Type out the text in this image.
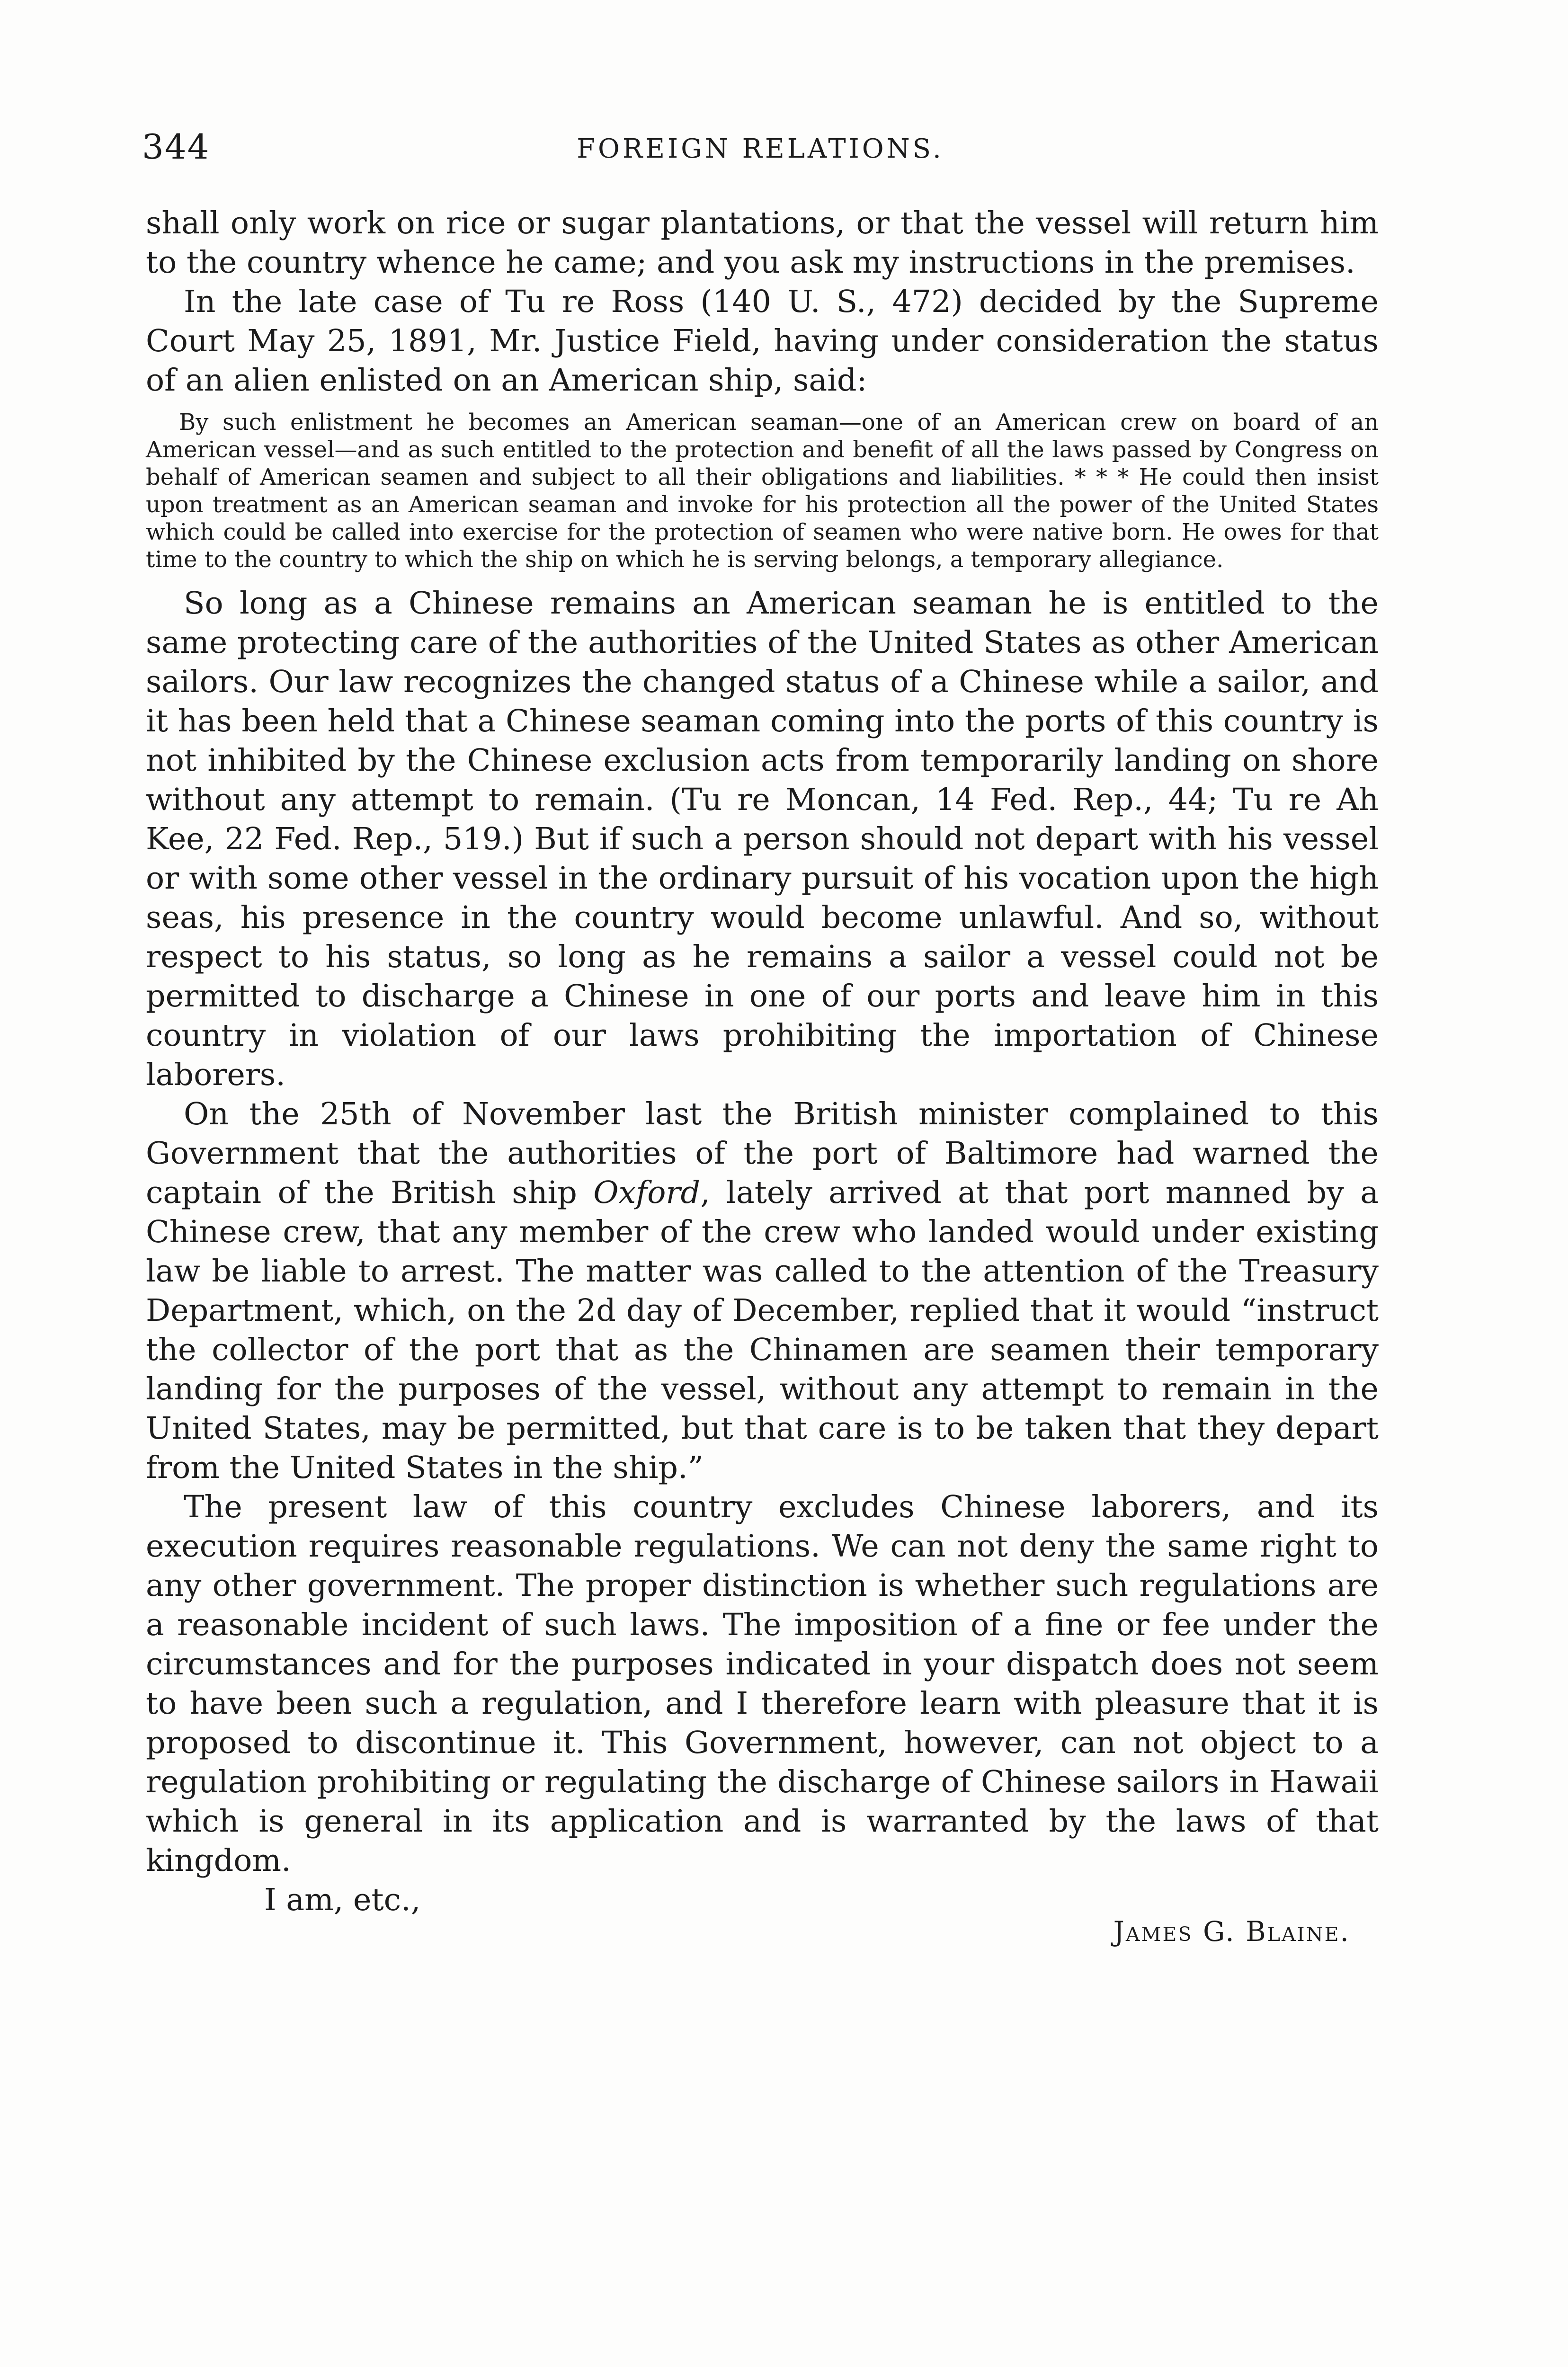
344	FOREIGN RELATIONS.

shall only work on rice or sugar plantations, or that the vessel will return him to the country whence he came; and you ask my instructions in the premises.

In the late case of Tu re Ross (140 U. S., 472) decided by the Supreme Court May 25, 1891, Mr. Justice Field, having under consideration the status of an alien enlisted on an American ship, said:

By such enlistment he becomes an American seaman—one of an American crew on board of an American vessel—and as such entitled to the protection and benefit of all the laws passed by Congress on behalf of American seamen and subject to all their obligations and liabilities. * * * He could then insist upon treatment as an American seaman and invoke for his protection all the power of the United States which could be called into exercise for the protection of seamen who were native born. He owes for that time to the country to which the ship on which he is serving belongs, a temporary allegiance.

So long as a Chinese remains an American seaman he is entitled to the same protecting care of the authorities of the United States as other American sailors. Our law recognizes the changed status of a Chinese while a sailor, and it has been held that a Chinese seaman coming into the ports of this country is not inhibited by the Chinese exclusion acts from temporarily landing on shore without any attempt to remain. (Tu re Moncan, 14 Fed. Rep., 44; Tu re Ah Kee, 22 Fed. Rep., 519.) But if such a person should not depart with his vessel or with some other vessel in the ordinary pursuit of his vocation upon the high seas, his presence in the country would become unlawful. And so, without respect to his status, so long as he remains a sailor a vessel could not be permitted to discharge a Chinese in one of our ports and leave him in this country in violation of our laws prohibiting the importation of Chinese laborers.

On the 25th of November last the British minister complained to this Government that the authorities of the port of Baltimore had warned the captain of the British ship Oxford, lately arrived at that port manned by a Chinese crew, that any member of the crew who landed would under existing law be liable to arrest. The matter was called to the attention of the Treasury Department, which, on the 2d day of December, replied that it would “instruct the collector of the port that as the Chinamen are seamen their temporary landing for the purposes of the vessel, without any attempt to remain in the United States, may be permitted, but that care is to be taken that they depart from the United States in the ship.”

The present law of this country excludes Chinese laborers, and its execution requires reasonable regulations. We can not deny the same right to any other government. The proper distinction is whether such regulations are a reasonable incident of such laws. The imposition of a fine or fee under the circumstances and for the purposes indicated in your dispatch does not seem to have been such a regulation, and I therefore learn with pleasure that it is proposed to discontinue it. This Government, however, can not object to a regulation prohibiting or regulating the discharge of Chinese sailors in Hawaii which is general in its application and is warranted by the laws of that kingdom.

I am, etc.,

James G. Blaine.
